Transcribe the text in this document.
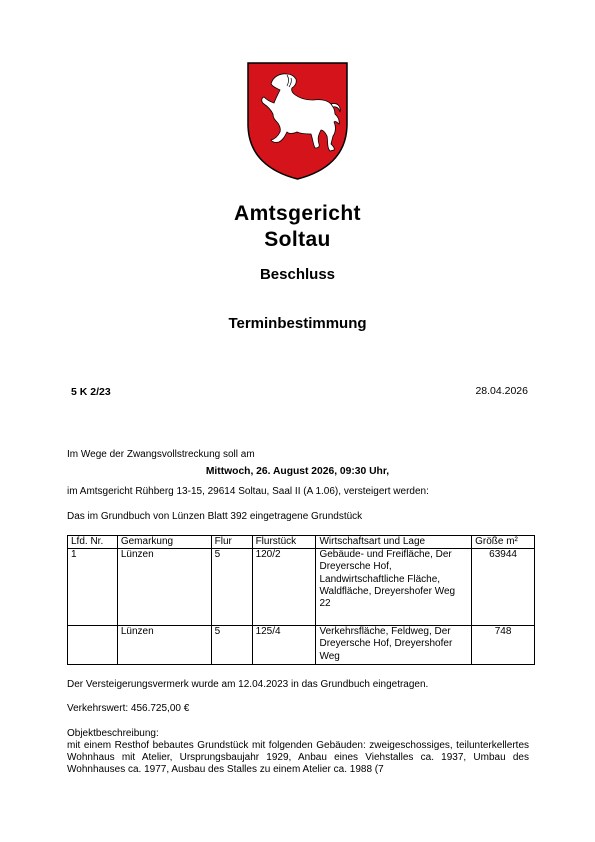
Amtsgericht
Soltau
Beschluss
Terminbestimmung
5 K 2/23	28.04.2026
Im Wege der Zwangsvollstreckung soll am
Mittwoch, 26. August 2026, 09:30 Uhr,
im Amtsgericht Rühberg 13-15, 29614 Soltau, Saal II (A 1.06), versteigert werden:
Das im Grundbuch von Lünzen Blatt 392 eingetragene Grundstück
Lfd. Nr.	Gemarkung	Flur	Flurstück	Wirtschaftsart und Lage	Größe m²
1	Lünzen	5	120/2	Gebäude- und Freifläche, Der Dreyersche Hof, Landwirtschaftliche Fläche, Waldfläche, Dreyershofer Weg 22	63944
	Lünzen	5	125/4	Verkehrsfläche, Feldweg, Der Dreyersche Hof, Dreyershofer Weg	748
Der Versteigerungsvermerk wurde am 12.04.2023 in das Grundbuch eingetragen.
Verkehrswert: 456.725,00 €
Objektbeschreibung:
mit einem Resthof bebautes Grundstück mit folgenden Gebäuden: zweigeschossiges, teilunterkellertes Wohnhaus mit Atelier, Ursprungsbaujahr 1929, Anbau eines Viehstalles ca. 1937, Umbau des Wohnhauses ca. 1977, Ausbau des Stalles zu einem Atelier ca. 1988 (7
